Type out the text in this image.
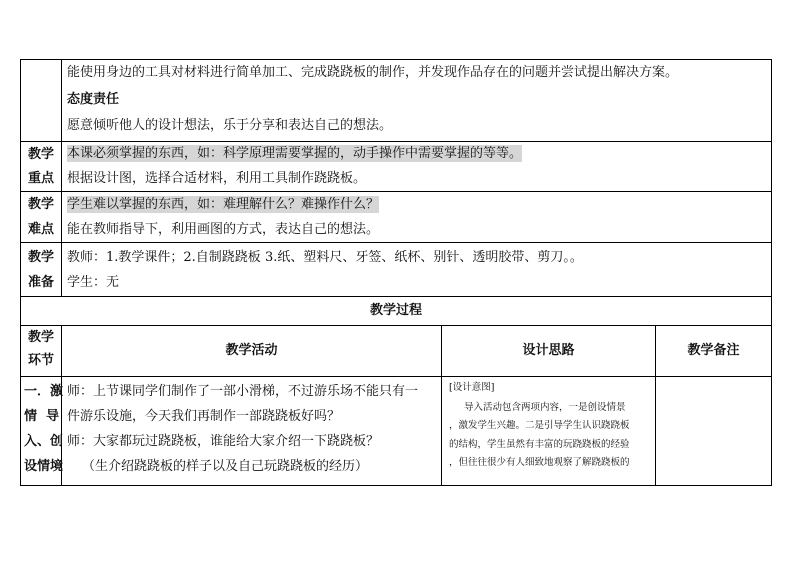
能使用身边的工具对材料进行简单加工、完成跷跷板的制作，并发现作品存在的问题并尝试提出解决方案。
态度责任
愿意倾听他人的设计想法，乐于分享和表达自己的想法。
教学
重点
本课必须掌握的东西，如：科学原理需要掌握的，动手操作中需要掌握的等等。
根据设计图，选择合适材料，利用工具制作跷跷板。
教学
难点
学生难以掌握的东西，如：难理解什么？难操作什么？
能在教师指导下，利用画图的方式，表达自己的想法。
教学
准备
教师：1.教学课件；2.自制跷跷板 3.纸、塑料尺、牙签、纸杯、别针、透明胶带、剪刀。。
学生：无
教学过程
教学
环节
教学活动	设计思路	教学备注
一．激
情  导
入、创
设情境
师：上节课同学们制作了一部小滑梯，不过游乐场不能只有一
件游乐设施，今天我们再制作一部跷跷板好吗？
师：大家都玩过跷跷板，谁能给大家介绍一下跷跷板？
（生介绍跷跷板的样子以及自己玩跷跷板的经历）
[设计意图]
导入活动包含两项内容，一是创设情景
，激发学生兴趣。二是引导学生认识跷跷板
的结构，学生虽然有丰富的玩跷跷板的经验
，但往往很少有人细致地观察了解跷跷板的
